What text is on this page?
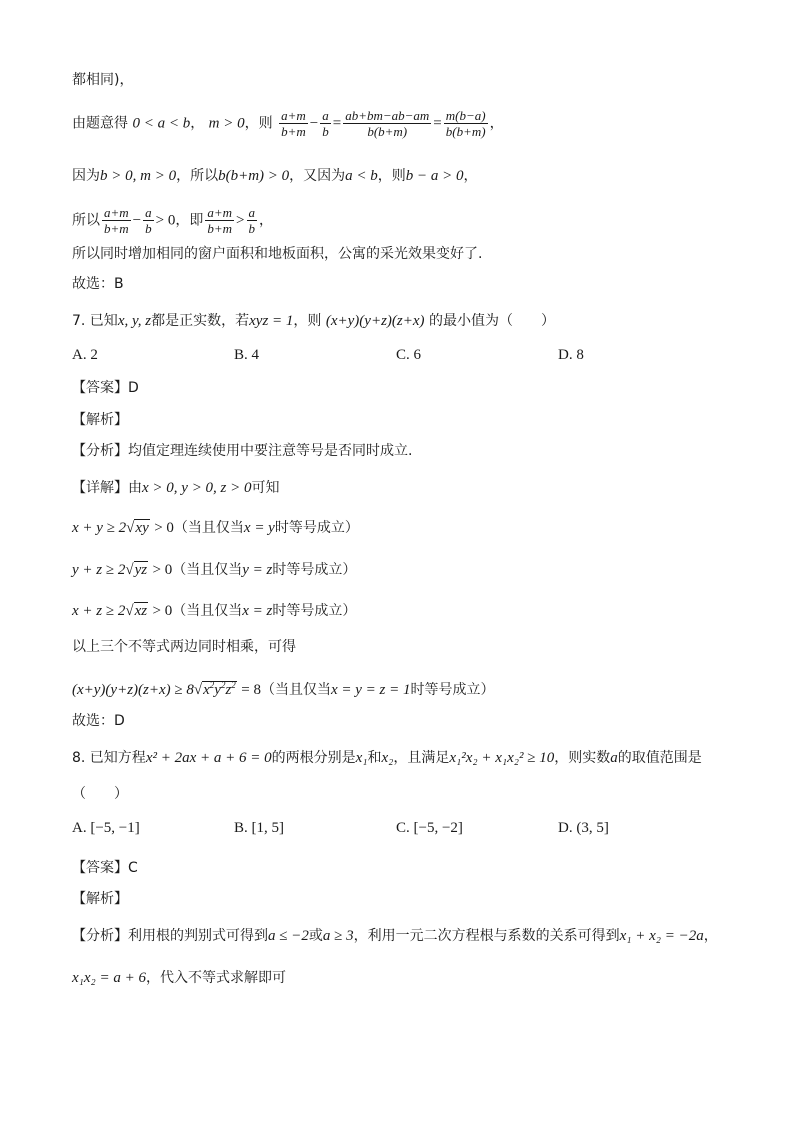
都相同)，
由题意得 0 < a < b， m > 0，则 $\frac{a+m}{b+m} - \frac{a}{b} = \frac{ab+bm-ab-am}{b(b+m)} = \frac{m(b-a)}{b(b+m)}$ ，
因为b > 0, m > 0，所以b(b+m) > 0，又因为a < b，则b − a > 0，
所以 $\frac{a+m}{b+m} - \frac{a}{b} > 0$，即 $\frac{a+m}{b+m} > \frac{a}{b}$ ，
所以同时增加相同的窗户面积和地板面积，公寓的采光效果变好了.
故选：B
7. 已知x, y, z都是正实数，若xyz = 1，则 (x+y)(y+z)(z+x) 的最小值为（　　）
A. 2	B. 4	C. 6	D. 8
【答案】D
【解析】
【分析】均值定理连续使用中要注意等号是否同时成立.
【详解】由x > 0, y > 0, z > 0可知
x + y ≥ 2√xy > 0（当且仅当x = y时等号成立）
y + z ≥ 2√yz > 0（当且仅当y = z时等号成立）
x + z ≥ 2√xz > 0（当且仅当x = z时等号成立）
以上三个不等式两边同时相乘，可得
$(x+y)(y+z)(z+x) \ge 8√x^2y^2z^2 = 8$（当且仅当x = y = z = 1时等号成立）
故选：D
8. 已知方程x² + 2ax + a + 6 = 0的两根分别是x₁和x₂，且满足x₁²x₂ + x₁x₂² ≥ 10，则实数a的取值范围是
（　　）
A. [−5, −1]	B. [1, 5]	C. [−5, −2]	D. (3, 5]
【答案】C
【解析】
【分析】利用根的判别式可得到a ≤ −2或a ≥ 3，利用一元二次方程根与系数的关系可得到x₁ + x₂ = −2a，
x₁x₂ = a + 6，代入不等式求解即可
